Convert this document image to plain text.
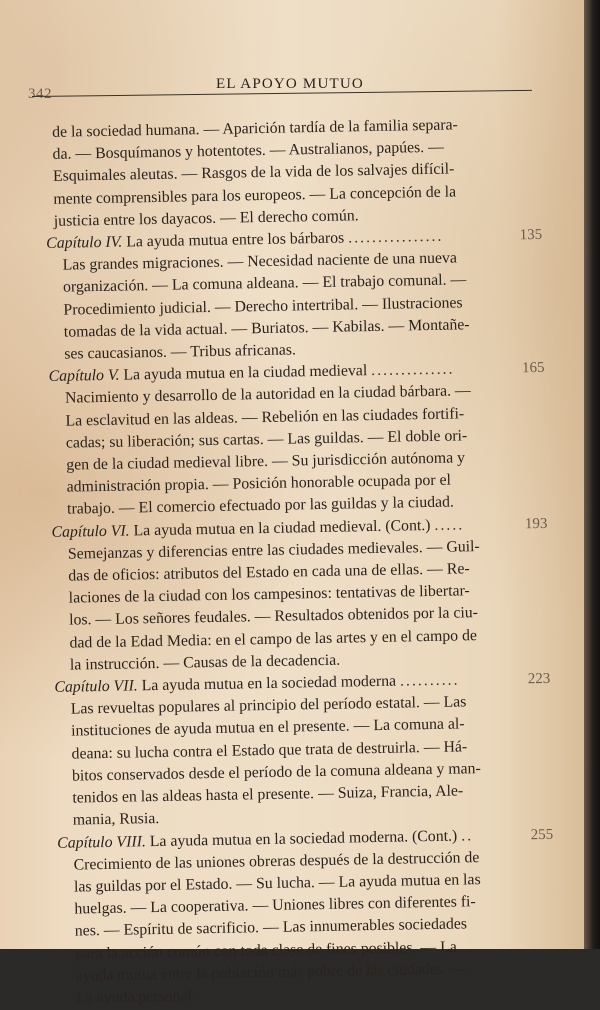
342
EL APOYO MUTUO
de la sociedad humana. — Aparición tardía de la familia separa-
da. — Bosquímanos y hotentotes. — Australianos, papúes. —
Esquimales aleutas. — Rasgos de la vida de los salvajes difícil-
mente comprensibles para los europeos. — La concepción de la
justicia entre los dayacos. — El derecho común.
Capítulo IV. La ayuda mutua entre los bárbaros ................	135
Las grandes migraciones. — Necesidad naciente de una nueva
organización. — La comuna aldeana. — El trabajo comunal. —
Procedimiento judicial. — Derecho intertribal. — Ilustraciones
tomadas de la vida actual. — Buriatos. — Kabilas. — Montañe-
ses caucasianos. — Tribus africanas.
Capítulo V. La ayuda mutua en la ciudad medieval ..............	165
Nacimiento y desarrollo de la autoridad en la ciudad bárbara. —
La esclavitud en las aldeas. — Rebelión en las ciudades fortifi-
cadas; su liberación; sus cartas. — Las guildas. — El doble ori-
gen de la ciudad medieval libre. — Su jurisdicción autónoma y
administración propia. — Posición honorable ocupada por el
trabajo. — El comercio efectuado por las guildas y la ciudad.
Capítulo VI. La ayuda mutua en la ciudad medieval. (Cont.) .....	193
Semejanzas y diferencias entre las ciudades medievales. — Guil-
das de oficios: atributos del Estado en cada una de ellas. — Re-
laciones de la ciudad con los campesinos: tentativas de libertar-
los. — Los señores feudales. — Resultados obtenidos por la ciu-
dad de la Edad Media: en el campo de las artes y en el campo de
la instrucción. — Causas de la decadencia.
Capítulo VII. La ayuda mutua en la sociedad moderna ..........	223
Las revueltas populares al principio del período estatal. — Las
instituciones de ayuda mutua en el presente. — La comuna al-
deana: su lucha contra el Estado que trata de destruirla. — Há-
bitos conservados desde el período de la comuna aldeana y man-
tenidos en las aldeas hasta el presente. — Suiza, Francia, Ale-
mania, Rusia.
Capítulo VIII. La ayuda mutua en la sociedad moderna. (Cont.) ..	255
Crecimiento de las uniones obreras después de la destrucción de
las guildas por el Estado. — Su lucha. — La ayuda mutua en las
huelgas. — La cooperativa. — Uniones libres con diferentes fi-
nes. — Espíritu de sacrificio. — Las innumerables sociedades
para la acción común con toda clase de fines posibles. — La
ayuda mutua entre la población más pobre de las ciudades. —
La ayuda personal.
